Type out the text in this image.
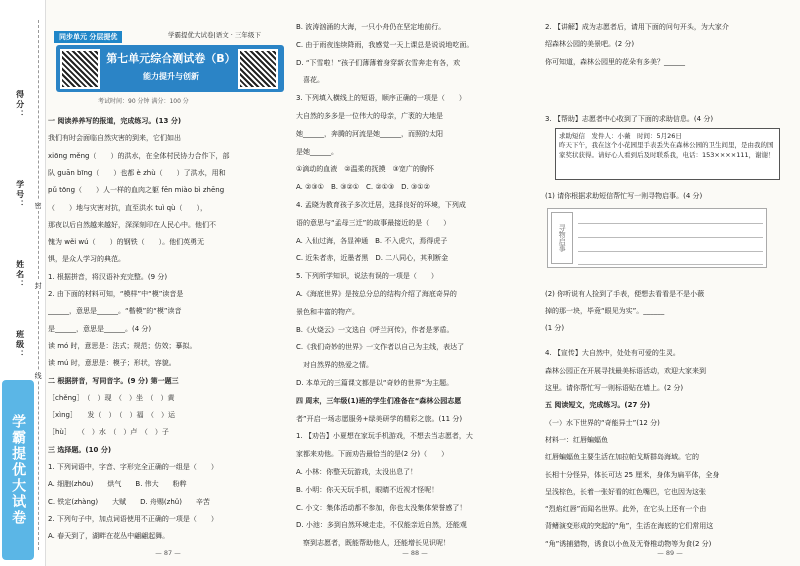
得分：
学号：
姓名：
班级：
学霸提优大试卷
密
封
线
同步单元 分层提优	学霸提优大试卷|语文 · 三年级下
第七单元综合测试卷（B）
能力提升与创新
考试时间：90 分钟 满分：100 分
一 阅读养养写的报道，完成练习。(13 分)
我们有时会面临自然灾害的到来，它们如出
xiōng měng（　　）的洪水，在全体村民协力合作下，部
队 guān bīng（　　）也都 è zhù（　　）了洪水，用和
pǔ tōng（　　）人一样的血肉之躯 fēn miào bì zhēng
（　　）地与灾害对抗，直至洪水 tuì qù（　　），
那夜以后自然越来越好，深深刻印在人民心中。他们不
愧为 wěi wú（　　）的钢铁（　　）。他们英勇无
惧，是众人学习的典范。
1. 根据拼音，将汉语补充完整。(9 分)
2. 由下面的材料可知，“模样”中“模”读音是
______，意思是______。“楷模”的“模”读音
是______，意思是______。(4 分)
读 mó 时，意思是：法式；规范；仿效；摹拟。
读 mú 时，意思是：模子；形状，容貌。
二 根据拼音，写同音字。(9 分) 第一题三
［chěng］　（　）现　（　）坐　（　）黄
［xìng］　　发（　）　（　）福　（　）运
［hù］　　（　）水　（　）卢　（　）子
三 选择题。(10 分)
1. 下列词语中，字音、字形完全正确的一组是（　　）
A. 细胞(zhōu)　　烘气　　B. 伟大　　粉粹
C. 铁定(zhàng)　　大赋　　D. 舟赐(zhǔ)　　辛苦
2. 下列句子中，加点词语使用不正确的一项是（　　）
A. 春天到了，湖畔在花丛中翩翩起舞。
— 87 —
B. 波涛汹涌的大海，一只小舟仍在坚定地前行。
C. 由于雨夜连续降雨，我感觉一天上课总是说说地吃面。
D. “下雪啦！”孩子们薄薄着身穿新衣雪奔走有各，欢
　喜花。
3. 下列填入横线上的短语，顺序正确的一项是（　　）
大自然的多多是一位伟大的母亲，广袤的大地是
她______，奔腾的河流是她______，而照的太阳
是她______。
①滴动的血液　②温柔的抚摸　③宽广的胸怀
A. ②③①　B. ③②①　C. ②①③　D. ③①②
4. 孟晓为教育孩子多次迁居，选择良好的环境，下列成
语的意思与“孟母三迁”的故事最接近的是（　　）
A. 入仙过海，各显神通　B. 不入虎穴，焉得虎子
C. 近朱者赤，近墨者黑　D. 二八同心，其利断金
5. 下列所学知识，说法有误的一项是（　　）
A.《海底世界》是按总分总的结构介绍了海底奇异的
景色和丰富的物产。
B.《火烧云》一文选自《呼兰河传》，作者是茅盾。
C.《我们奇妙的世界》一文作者以自己为主线，表达了
　对自然界的热爱之情。
D. 本单元的三篇课文都是以“奇妙的世界”为主题。
四 周末，三年级(1)班的学生们准备在“森林公园志愿
者”开启一场志愿服务+绿美研学的精彩之旅。(11 分)
1. 【劝告】小夏想在家玩手机游戏，不想去当志愿者，大
家都来劝他。下面劝告最恰当的是(2 分)（　　）
A. 小林：你整天玩游戏，太没出息了！
B. 小明：你天天玩手机，眼睛不近视才怪呢！
C. 小文：集体活动都不参加，你也太没集体荣誉感了！
D. 小池：多到自然环境走走，不仅能亲近自然，还能观
　察到志愿者，既能帮助他人，还能增长见识呢！
— 88 —
2. 【讲解】成为志愿者后，请用下面的问句开头，为大家介
绍森林公园的美景吧。(2 分)
你可知道，森林公园里的花朵有多美？______
3. 【帮助】志愿者中心收到了下面的求助信息。(4 分)
(1) 请你根据求助短信帮忙写一则寻物启事。(4 分)
(2) 你听说有人捡到了手表，便想去看看是不是小薇
掉的那一块，毕竟“眼见为实”。______
(1 分)
4. 【宣传】大自然中，处处有可爱的生灵。
森林公园正在开展寻找最美标语活动，欢迎大家来到
这里。请你帮忙写一则标语贴在墙上。(2 分)
五 阅读短文，完成练习。(27 分)
（一）水下世界的“奇能异士”(12 分)
材料一：红唇蝙蝠鱼
红唇蝙蝠鱼主要生活在加拉帕戈斯群岛海域。它的
长相十分怪异，体长可达 25 厘米，身体为扁平体，全身
呈浅棕色，长着一张好看的红色嘴巴，它也因为这张
“烈焰红唇”而闻名世界。此外，在它头上还有一个由
背鳍演变形成的突起的“角”，生活在海底的它们常用这
“角”诱捕猎物，诱食以小鱼及无脊椎动物等为食(2 分)
求助短信　发件人：小薇　时间：5月26日
昨天下午，我在这个小花园里手表丢失在森林公园的卫生间里，是由我的国家奖状获得。请好心人看到后及时联系我，电话：153××××111，谢谢！
寻物启事
— 89 —
